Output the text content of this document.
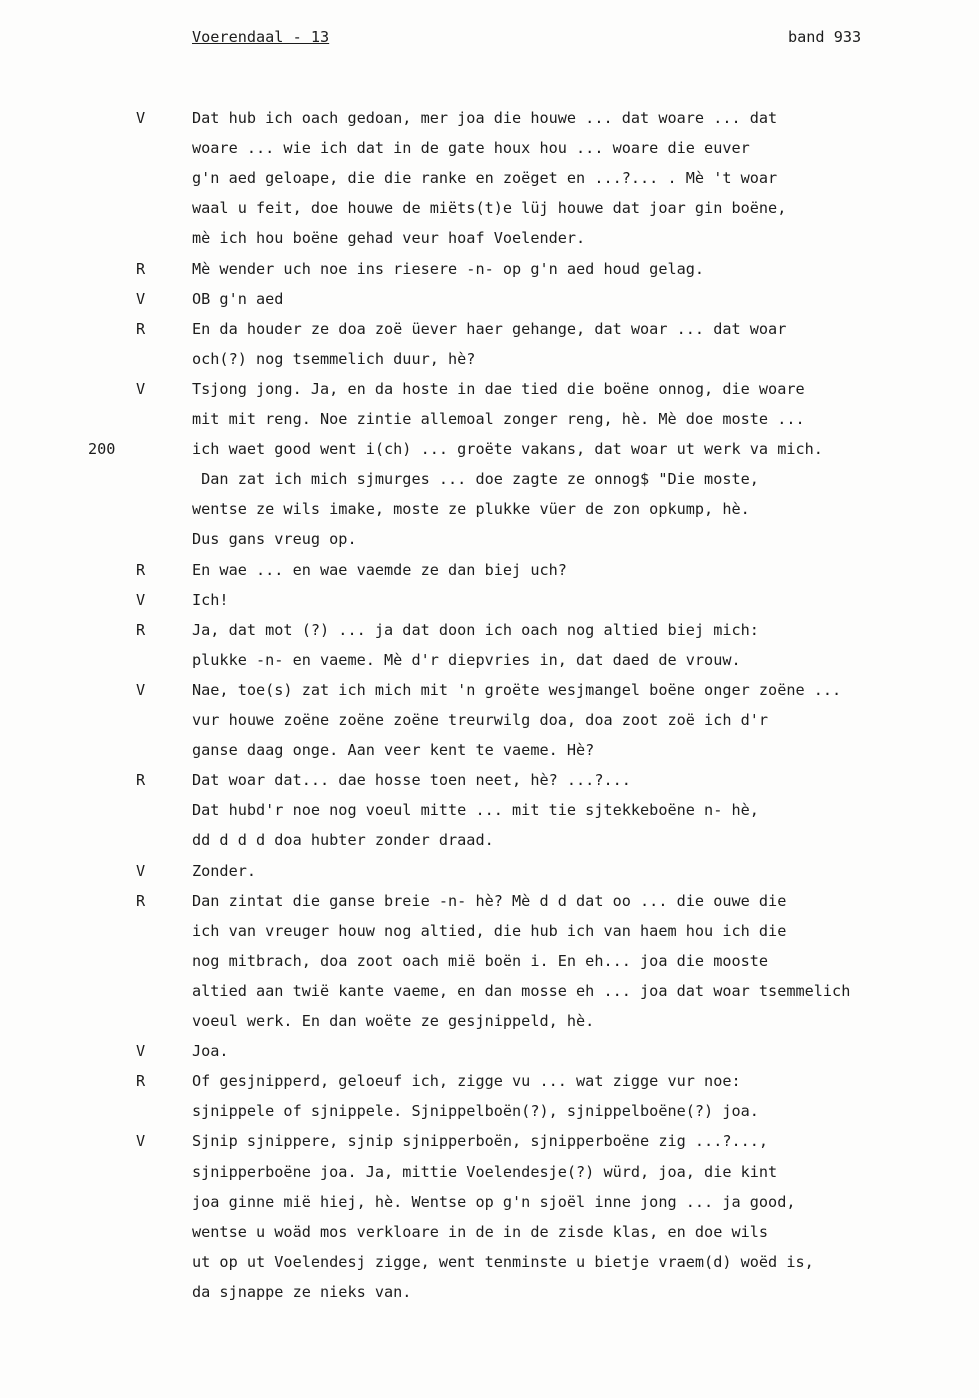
Voerendaal - 13	band 933
V	Dat hub ich oach gedoan, mer joa die houwe ... dat woare ... dat
woare ... wie ich dat in de gate houx hou ... woare die euver
g'n aed geloape, die die ranke en zoëget en ...?... . Mè 't woar
waal u feit, doe houwe de miëts(t)e lüj houwe dat joar gin boëne,
mè ich hou boëne gehad veur hoaf Voelender.
R	Mè wender uch noe ins riesere -n- op g'n aed houd gelag.
V	OB g'n aed
R	En da houder ze doa zoë üever haer gehange, dat woar ... dat woar
och(?) nog tsemmelich duur, hè?
V	Tsjong jong. Ja, en da hoste in dae tied die boëne onnog, die woare
mit mit reng. Noe zintie allemoal zonger reng, hè. Mè doe moste ...
200	ich waet good went i(ch) ... groëte vakans, dat woar ut werk va mich.
Dan zat ich mich sjmurges ... doe zagte ze onnog$ "Die moste,
wentse ze wils imake, moste ze plukke vüer de zon opkump, hè.
Dus gans vreug op.
R	En wae ... en wae vaemde ze dan biej uch?
V	Ich!
R	Ja, dat mot (?) ... ja dat doon ich oach nog altied biej mich:
plukke -n- en vaeme. Mè d'r diepvries in, dat daed de vrouw.
V	Nae, toe(s) zat ich mich mit 'n groëte wesjmangel boëne onger zoëne ...
vur houwe zoëne zoëne zoëne treurwilg doa, doa zoot zoë ich d'r
ganse daag onge. Aan veer kent te vaeme. Hè?
R	Dat woar dat... dae hosse toen neet, hè? ...?...
Dat hubd'r noe nog voeul mitte ... mit tie sjtekkeboëne n- hè,
dd d d d doa hubter zonder draad.
V	Zonder.
R	Dan zintat die ganse breie -n- hè? Mè d d dat oo ... die ouwe die
ich van vreuger houw nog altied, die hub ich van haem hou ich die
nog mitbrach, doa zoot oach mië boën i. En eh... joa die mooste
altied aan twië kante vaeme, en dan mosse eh ... joa dat woar tsemmelich
voeul werk. En dan woëte ze gesjnippeld, hè.
V	Joa.
R	Of gesjnipperd, geloeuf ich, zigge vu ... wat zigge vur noe:
sjnippele of sjnippele. Sjnippelboën(?), sjnippelboëne(?) joa.
V	Sjnip sjnippere, sjnip sjnipperboën, sjnipperboëne zig ...?...,
sjnipperboëne joa. Ja, mittie Voelendesje(?) würd, joa, die kint
joa ginne mië hiej, hè. Wentse op g'n sjoël inne jong ... ja good,
wentse u woäd mos verkloare in de in de zisde klas, en doe wils
ut op ut Voelendesj zigge, went tenminste u bietje vraem(d) woëd is,
da sjnappe ze nieks van.
